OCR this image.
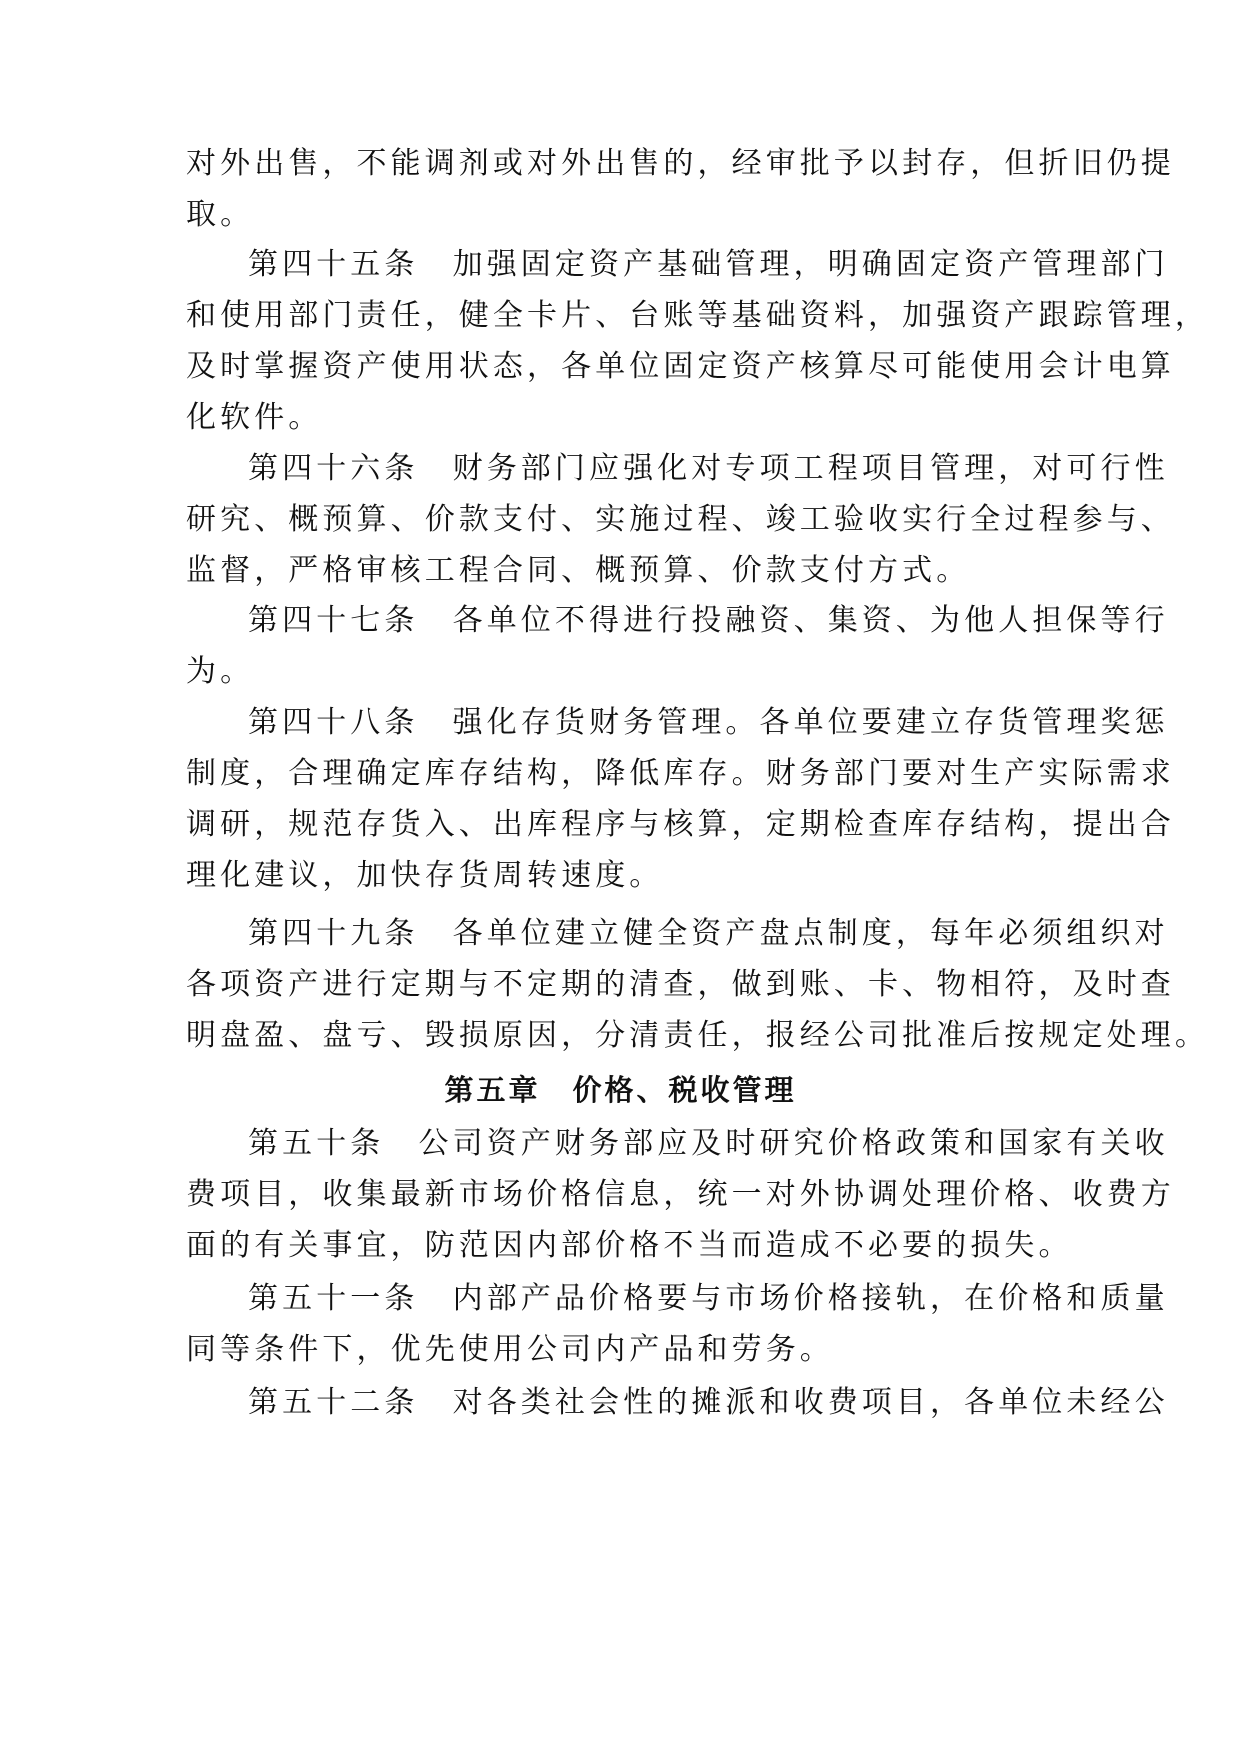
对外出售，不能调剂或对外出售的，经审批予以封存，但折旧仍提
取。
第四十五条　加强固定资产基础管理，明确固定资产管理部门
和使用部门责任，健全卡片、台账等基础资料，加强资产跟踪管理，
及时掌握资产使用状态，各单位固定资产核算尽可能使用会计电算
化软件。
第四十六条　财务部门应强化对专项工程项目管理，对可行性
研究、概预算、价款支付、实施过程、竣工验收实行全过程参与、
监督，严格审核工程合同、概预算、价款支付方式。
第四十七条　各单位不得进行投融资、集资、为他人担保等行
为。
第四十八条　强化存货财务管理。各单位要建立存货管理奖惩
制度，合理确定库存结构，降低库存。财务部门要对生产实际需求
调研，规范存货入、出库程序与核算，定期检查库存结构，提出合
理化建议，加快存货周转速度。
第四十九条　各单位建立健全资产盘点制度，每年必须组织对
各项资产进行定期与不定期的清查，做到账、卡、物相符，及时查
明盘盈、盘亏、毁损原因，分清责任，报经公司批准后按规定处理。
第五章　价格、税收管理
第五十条　公司资产财务部应及时研究价格政策和国家有关收
费项目，收集最新市场价格信息，统一对外协调处理价格、收费方
面的有关事宜，防范因内部价格不当而造成不必要的损失。
第五十一条　内部产品价格要与市场价格接轨，在价格和质量
同等条件下，优先使用公司内产品和劳务。
第五十二条　对各类社会性的摊派和收费项目，各单位未经公
